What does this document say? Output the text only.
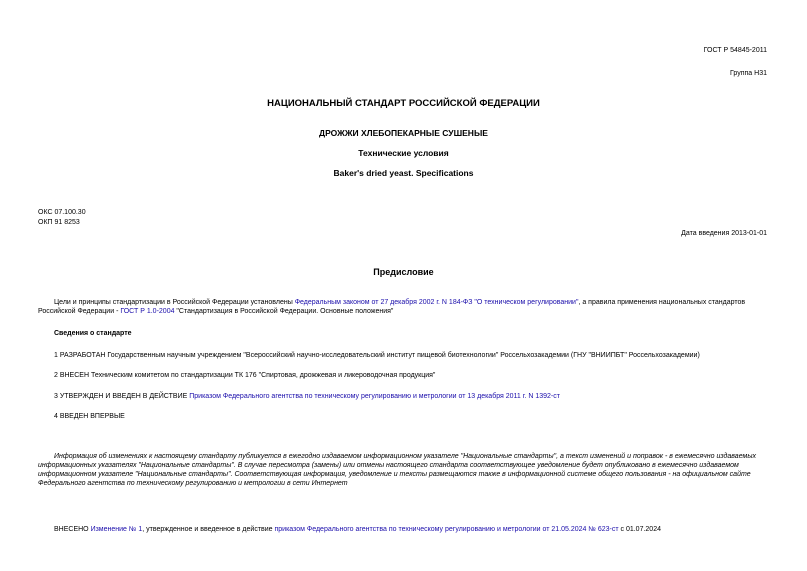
ГОСТ Р 54845-2011
Группа Н31
НАЦИОНАЛЬНЫЙ СТАНДАРТ РОССИЙСКОЙ ФЕДЕРАЦИИ
ДРОЖЖИ ХЛЕБОПЕКАРНЫЕ СУШЕНЫЕ
Технические условия
Baker's dried yeast. Specifications
ОКС 07.100.30
ОКП 91 8253
Дата введения 2013-01-01
Предисловие
Цели и принципы стандартизации в Российской Федерации установлены Федеральным законом от 27 декабря 2002 г. N 184-ФЗ "О техническом регулировании", а правила применения национальных стандартов Российской Федерации - ГОСТ Р 1.0-2004 "Стандартизация в Российской Федерации. Основные положения"
Сведения о стандарте
1 РАЗРАБОТАН Государственным научным учреждением "Всероссийский научно-исследовательский институт пищевой биотехнологии" Россельхозакадемии (ГНУ "ВНИИПБТ" Россельхозакадемии)
2 ВНЕСЕН Техническим комитетом по стандартизации ТК 176 "Спиртовая, дрожжевая и ликероводочная продукция"
3 УТВЕРЖДЕН И ВВЕДЕН В ДЕЙСТВИЕ Приказом Федерального агентства по техническому регулированию и метрологии от 13 декабря 2011 г. N 1392-ст
4 ВВЕДЕН ВПЕРВЫЕ
Информация об изменениях к настоящему стандарту публикуется в ежегодно издаваемом информационном указателе "Национальные стандарты", а текст изменений и поправок - в ежемесячно издаваемых информационных указателях "Национальные стандарты". В случае пересмотра (замены) или отмены настоящего стандарта соответствующее уведомление будет опубликовано в ежемесячно издаваемом информационном указателе "Национальные стандарты". Соответствующая информация, уведомление и тексты размещаются также в информационной системе общего пользования - на официальном сайте Федерального агентства по техническому регулированию и метрологии в сети Интернет
ВНЕСЕНО Изменение № 1, утвержденное и введенное в действие приказом Федерального агентства по техническому регулированию и метрологии от 21.05.2024 № 623-ст с 01.07.2024
